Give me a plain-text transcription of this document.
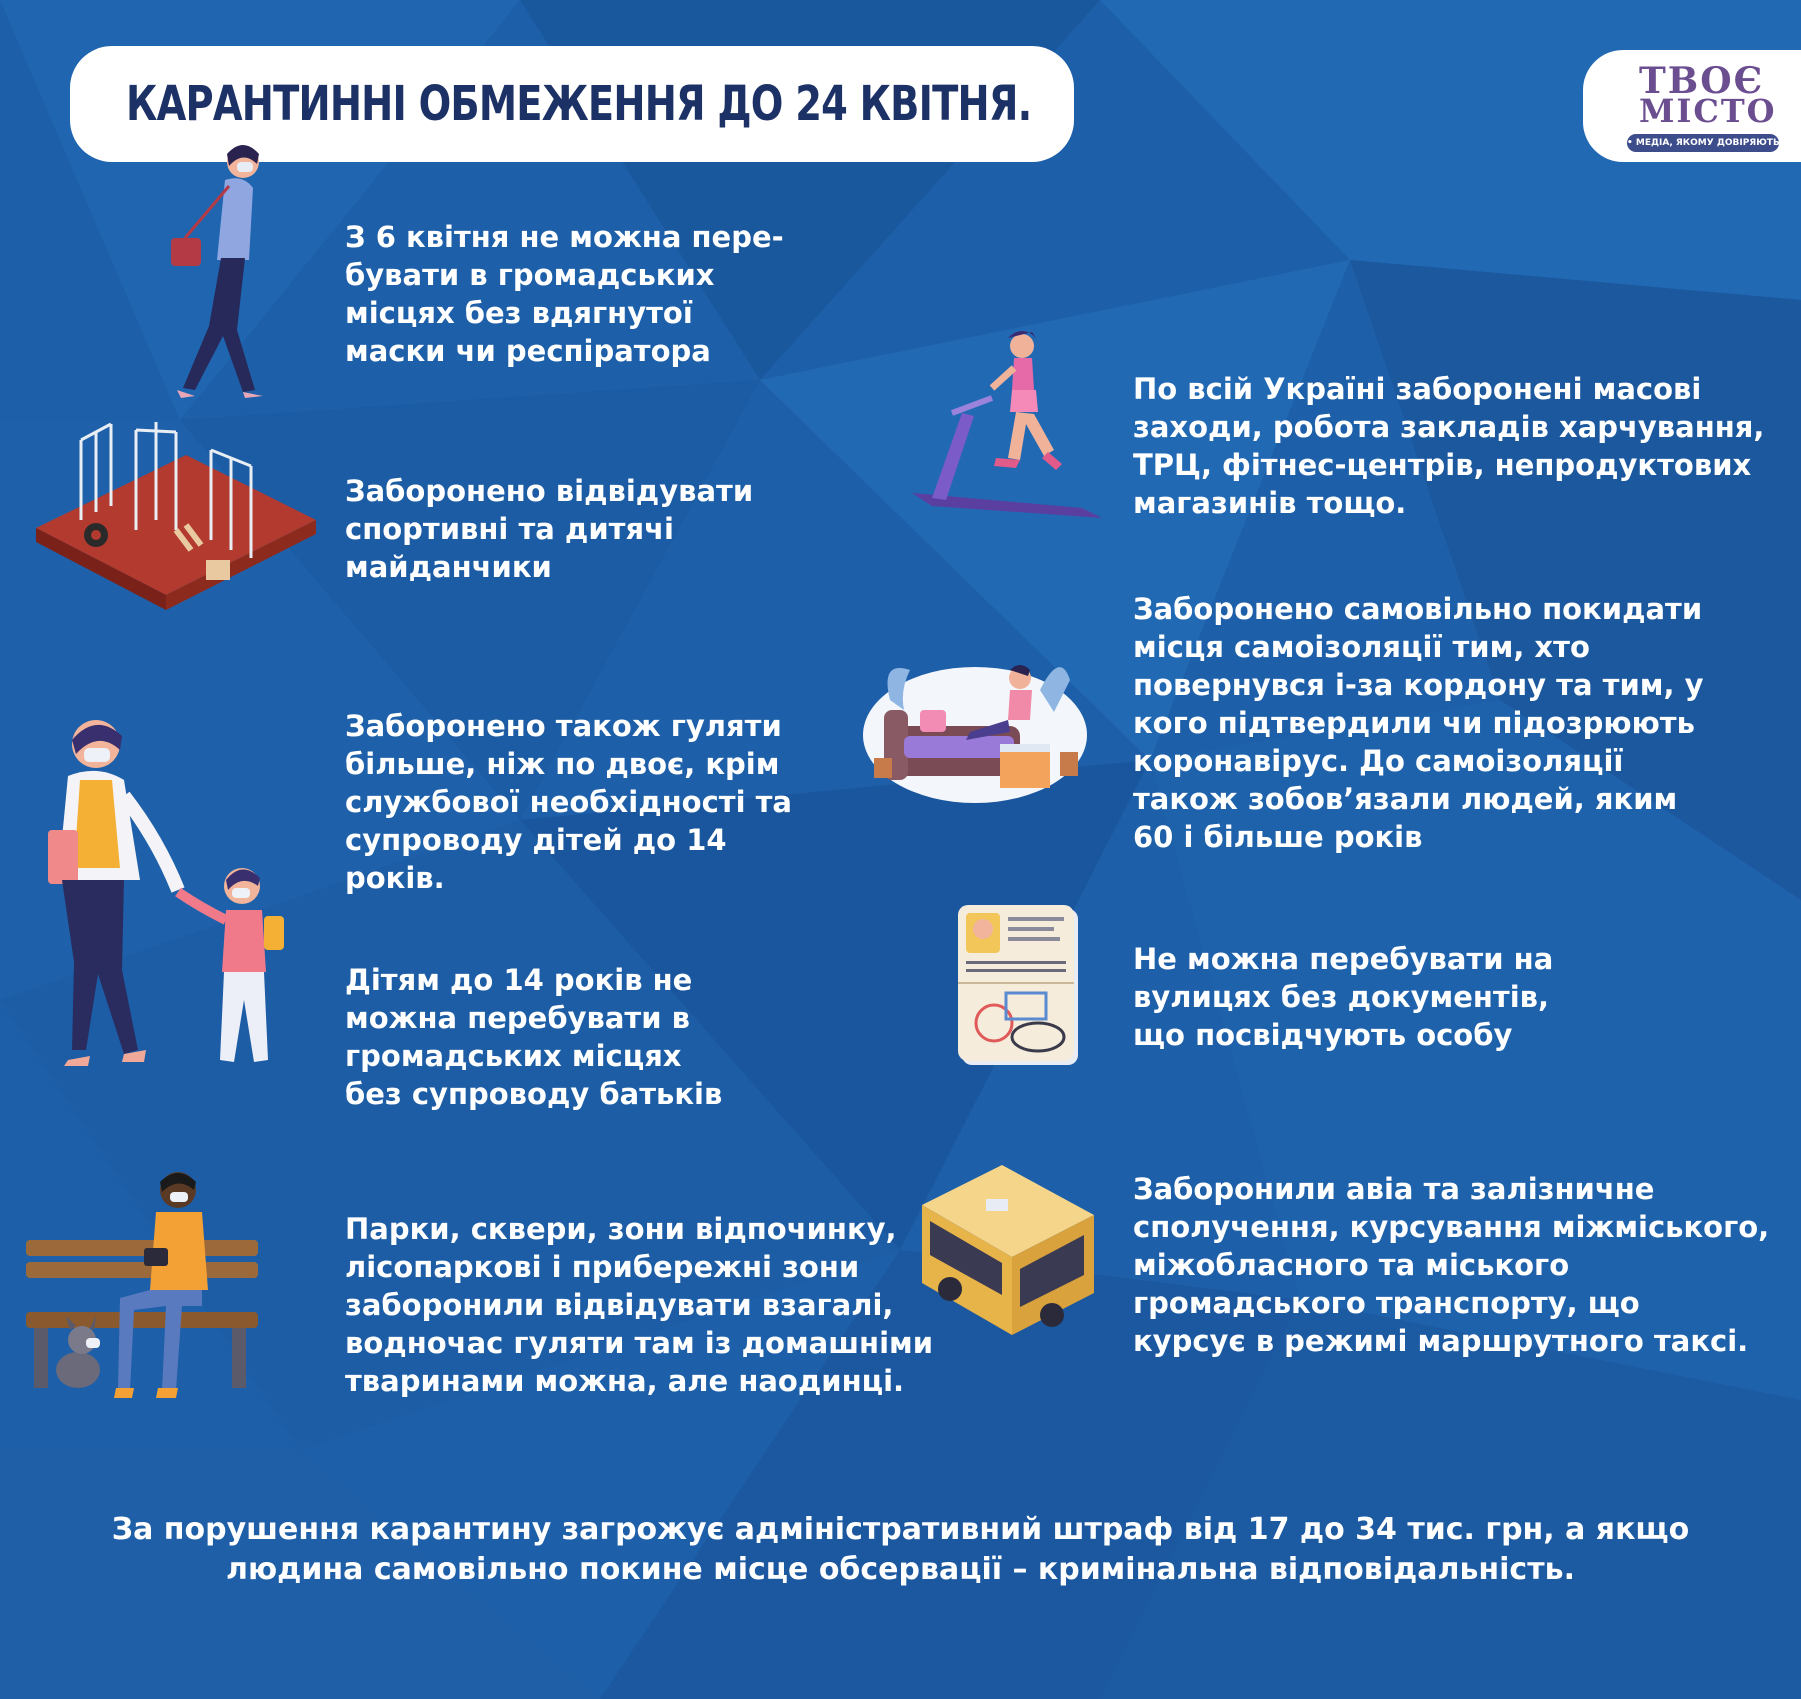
КАРАНТИННІ ОБМЕЖЕННЯ ДО 24 КВІТНЯ.	ТВОЄ
МІСТО
• МЕДІА, ЯКОМУ ДОВІРЯЮТЬ •
З 6 квітня не можна пере-
бувати в громадських
місцях без вдягнутої
маски чи респіратора
По всій Україні заборонені масові
заходи, робота закладів харчування,
ТРЦ, фітнес-центрів, непродуктових
магазинів тощо.
Заборонено відвідувати
спортивні та дитячі
майданчики
Заборонено самовільно покидати
місця самоізоляції тим, хто
повернувся і-за кордону та тим, у
кого підтвердили чи підозрюють
коронавірус. До самоізоляції
також зобов’язали людей, яким
60 і більше років
Заборонено також гуляти
більше, ніж по двоє, крім
службової необхідності та
супроводу дітей до 14
років.
Не можна перебувати на
вулицях без документів,
що посвідчують особу
Дітям до 14 років не
можна перебувати в
громадських місцях
без супроводу батьків
Заборонили авіа та залізничне
сполучення, курсування міжміського,
міжобласного та міського
громадського транспорту, що
курсує в режимі маршрутного таксі.
Парки, сквери, зони відпочинку,
лісопаркові і прибережні зони
заборонили відвідувати взагалі,
водночас гуляти там із домашніми
тваринами можна, але наодинці.
За порушення карантину загрожує адміністративний штраф від 17 до 34 тис. грн, а якщо
людина самовільно покине місце обсервації – кримінальна відповідальність.
